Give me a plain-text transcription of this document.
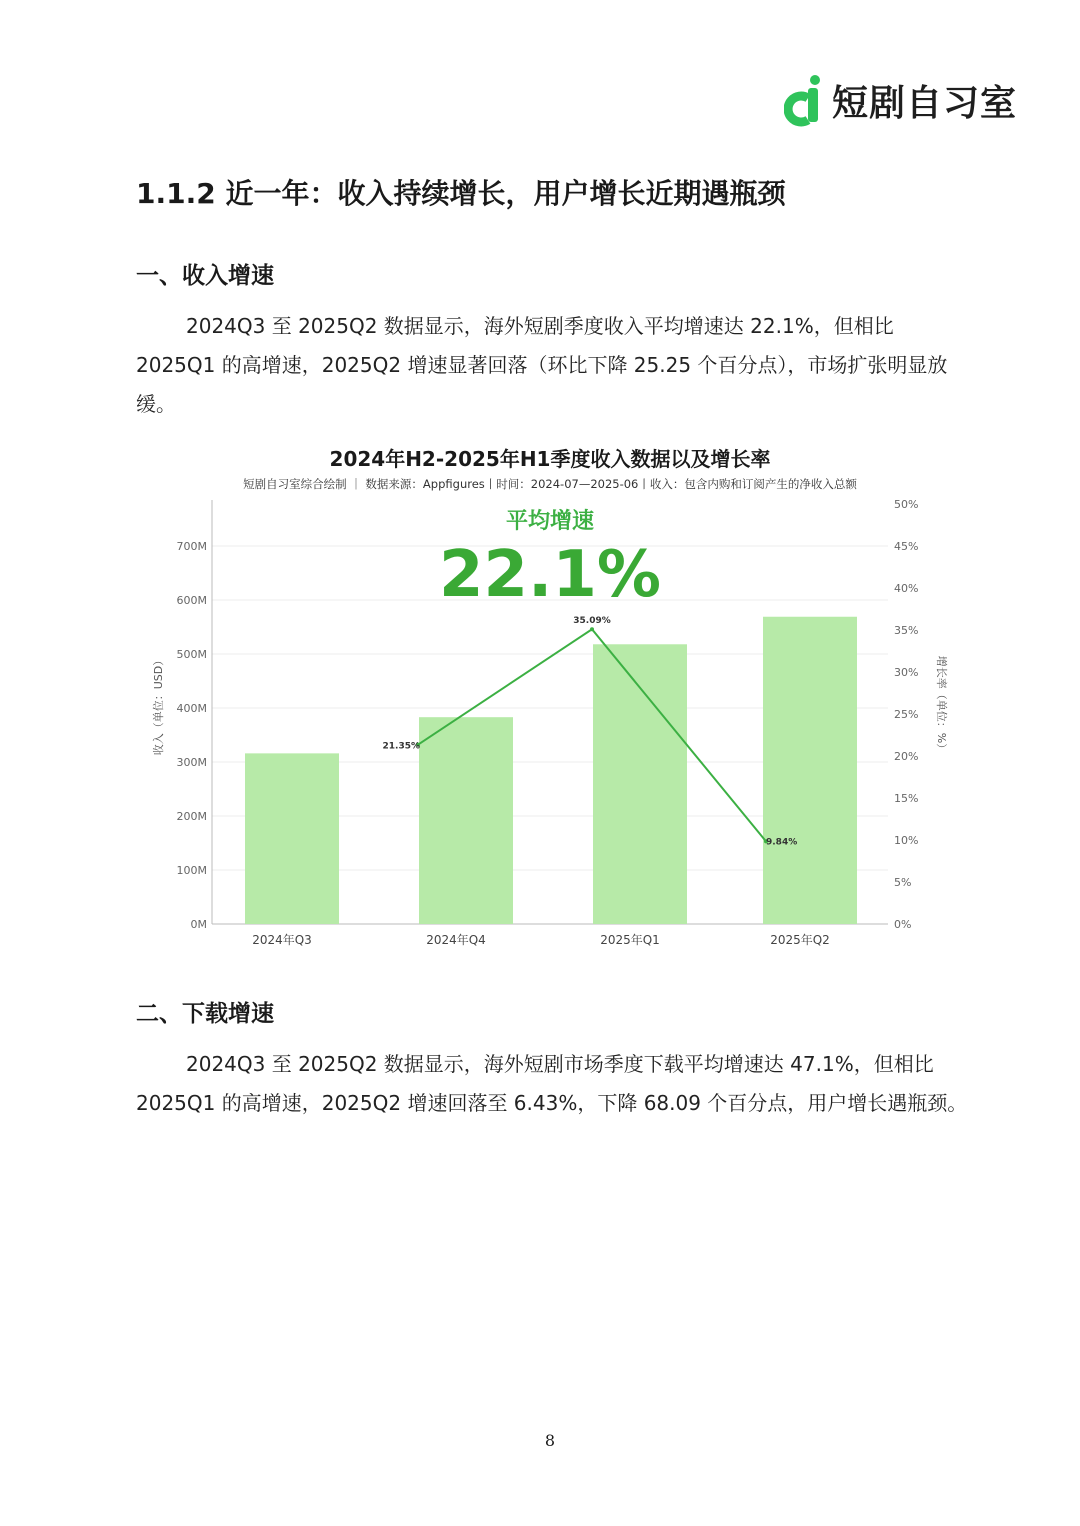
短剧自习室
1.1.2 近一年：收入持续增长，用户增长近期遇瓶颈
一、收入增速

2024Q3 至 2025Q2 数据显示，海外短剧季度收入平均增速达 22.1%，但相比 2025Q1 的高增速，2025Q2 增速显著回落（环比下降 25.25 个百分点），市场扩张明显放缓。

2024年H2-2025年H1季度收入数据以及增长率
短剧自习室综合绘制 ｜ 数据来源：Appfigures丨时间：2024-07—2025-06丨收入：包含内购和订阅产生的净收入总额
0M
100M
200M
300M
400M
500M
600M
700M
0%
5%
10%
15%
20%
25%
30%
35%
40%
45%
50%
2024年Q3	2024年Q4	2025年Q1	2025年Q2
21.35%
35.09%
9.84%
收入（单位：USD）	增长率（单位：%）
平均增速
22.1%
二、下载增速

2024Q3 至 2025Q2 数据显示，海外短剧市场季度下载平均增速达 47.1%，但相比 2025Q1 的高增速，2025Q2 增速回落至 6.43%，下降 68.09 个百分点，用户增长遇瓶颈。

8
